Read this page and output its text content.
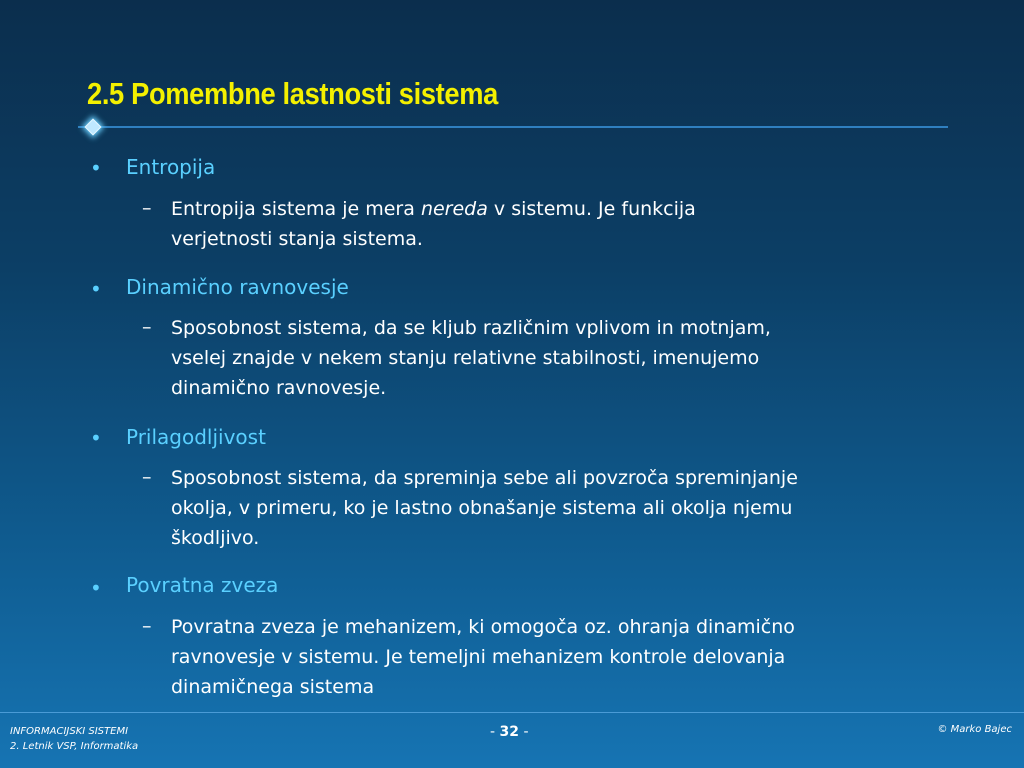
2.5 Pomembne lastnosti sistema
• Entropija
– Entropija sistema je mera nereda v sistemu. Je funkcija
verjetnosti stanja sistema.
• Dinamično ravnovesje
– Sposobnost sistema, da se kljub različnim vplivom in motnjam,
vselej znajde v nekem stanju relativne stabilnosti, imenujemo
dinamično ravnovesje.
• Prilagodljivost
– Sposobnost sistema, da spreminja sebe ali povzroča spreminjanje
okolja, v primeru, ko je lastno obnašanje sistema ali okolja njemu
škodljivo.
• Povratna zveza
– Povratna zveza je mehanizem, ki omogoča oz. ohranja dinamično
ravnovesje v sistemu. Je temeljni mehanizem kontrole delovanja
dinamičnega sistema
INFORMACIJSKI SISTEMI
2. Letnik VSP, Informatika
- 32 -	© Marko Bajec
